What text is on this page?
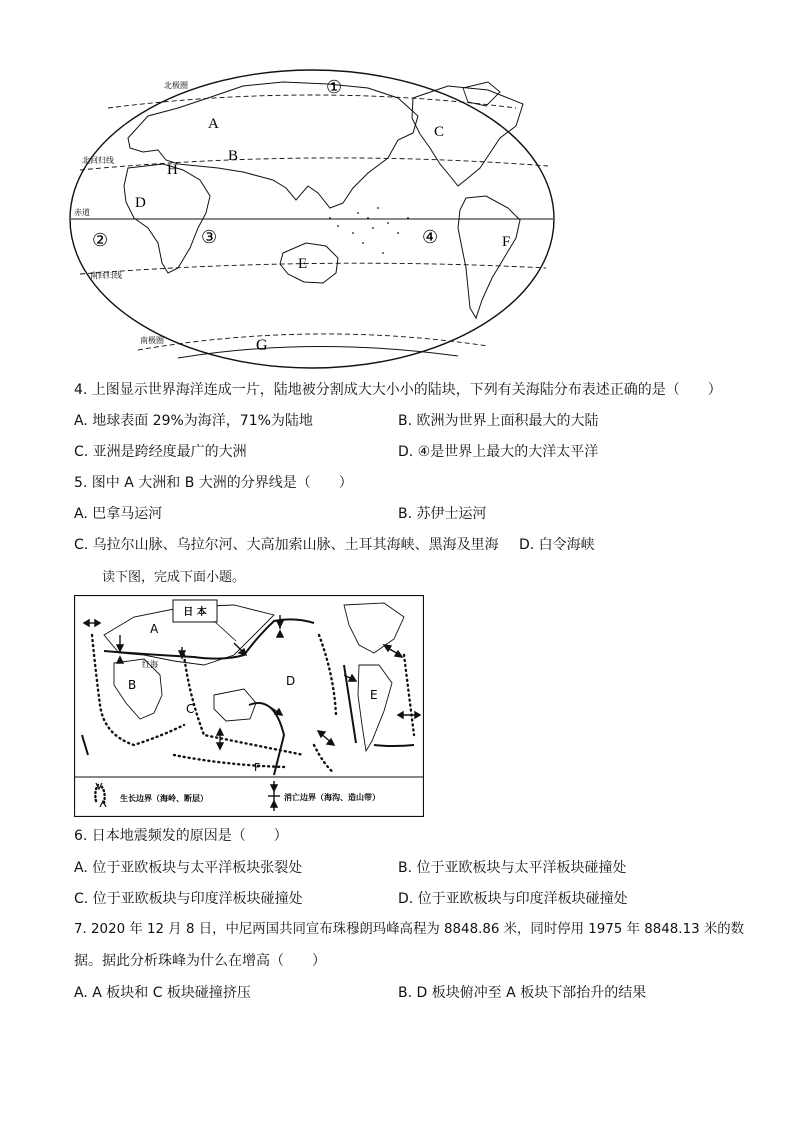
①
A
B
C
D
H
②	③	④
E
F
G
北极圈
北回归线
赤道
南回归线
南极圈
4. 上图显示世界海洋连成一片，陆地被分割成大大小小的陆块，下列有关海陆分布表述正确的是（　　）
A. 地球表面 29%为海洋，71%为陆地	B. 欧洲为世界上面积最大的大陆
C. 亚洲是跨经度最广的大洲	D. ④是世界上最大的大洋太平洋
5. 图中 A 大洲和 B 大洲的分界线是（　　）
A. 巴拿马运河	B. 苏伊士运河
C. 乌拉尔山脉、乌拉尔河、大高加索山脉、土耳其海峡、黑海及里海 D. 白令海峡
读下图，完成下面小题。
日 本
A
B
C
D
E
F
红海
生长边界（海岭、断层）	消亡边界（海沟、造山带）
6. 日本地震频发的原因是（　　）
A. 位于亚欧板块与太平洋板块张裂处	B. 位于亚欧板块与太平洋板块碰撞处
C. 位于亚欧板块与印度洋板块碰撞处	D. 位于亚欧板块与印度洋板块碰撞处
7. 2020 年 12 月 8 日，中尼两国共同宣布珠穆朗玛峰高程为 8848.86 米，同时停用 1975 年 8848.13 米的数
据。据此分析珠峰为什么在增高（　　）
A. A 板块和 C 板块碰撞挤压	B. D 板块俯冲至 A 板块下部抬升的结果
